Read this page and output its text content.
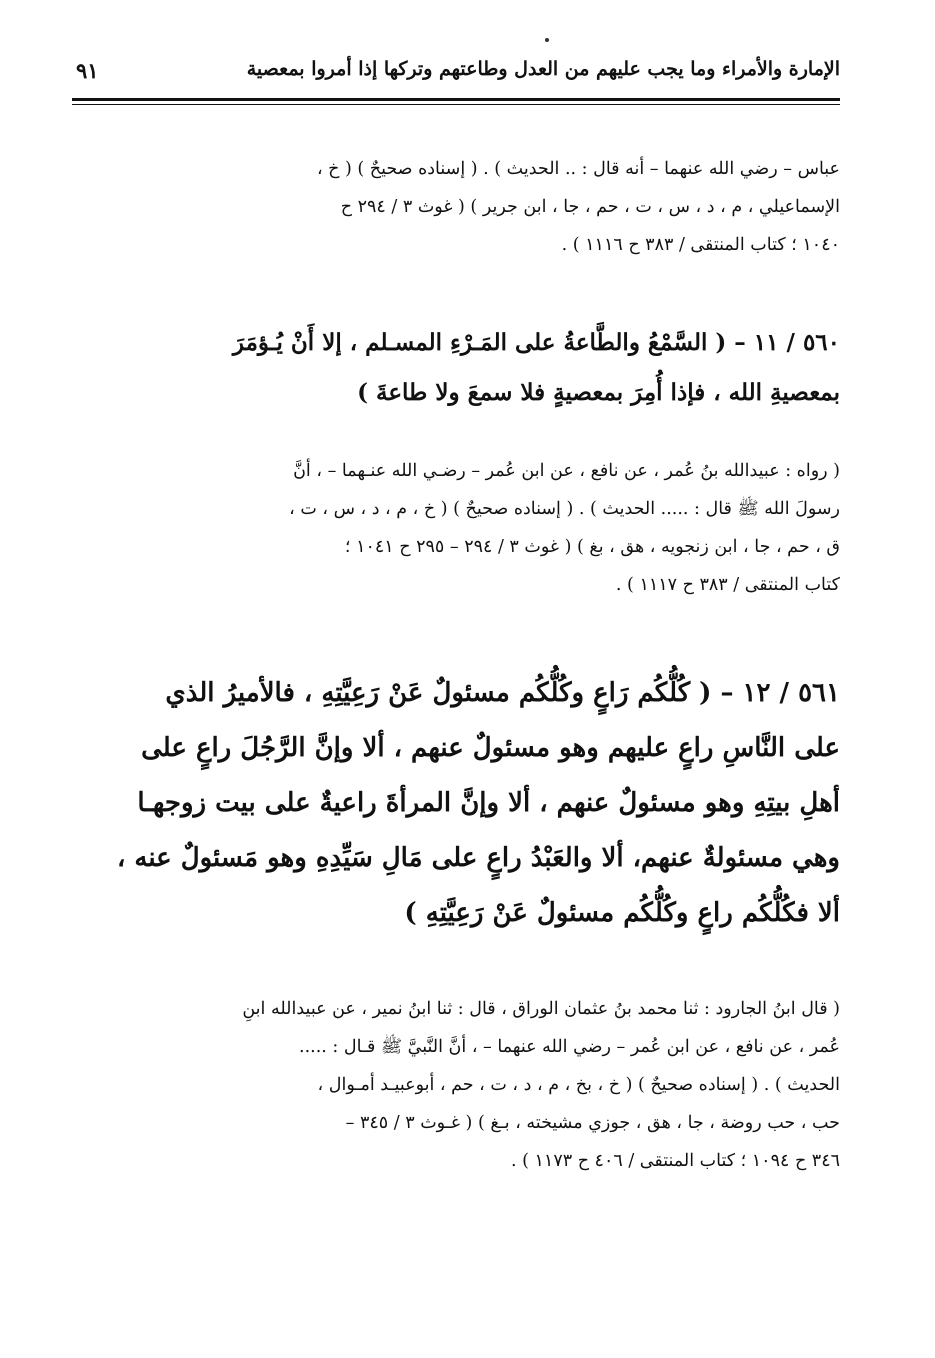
الإمارة والأمراء وما يجب عليهم من العدل وطاعتهم وتركها إذا أمروا بمعصية
٩١

عباس – رضي الله عنهما – أنه قال : .. الحديث ) . ( إسناده صحيحٌ ) ( خ ،

الإسماعيلي ، م ، د ، س ، ت ، حم ، جا ، ابن جرير ) ( غوث ٣ / ٢٩٤ ح

١٠٤٠ ؛ كتاب المنتقى / ٣٨٣ ح ١١١٦ ) .

٥٦٠ / ١١ – ( السَّمْعُ والطَّاعةُ على المَـرْءِ المسـلم ، إلا أَنْ يُـؤمَرَ

بمعصيةِ الله ، فإذا أُمِرَ بمعصيةٍ فلا سمعَ ولا طاعةَ )

( رواه : عبيدالله بنُ عُمر ، عن نافع ، عن ابن عُمر – رضـي الله عنـهما – ، أنَّ

رسولَ الله ﷺ قال : ..... الحديث ) . ( إسناده صحيحٌ ) ( خ ، م ، د ، س ، ت ،

ق ، حم ، جا ، ابن زنجويه ، هق ، بغ ) ( غوث ٣ / ٢٩٤ – ٢٩٥ ح ١٠٤١ ؛

كتاب المنتقى / ٣٨٣ ح ١١١٧ ) .

٥٦١ / ١٢ – ( كُلُّكُم رَاعٍ وكُلُّكُم مسئولٌ عَنْ رَعِيَّتِهِ ، فالأميرُ الذي

على النَّاسِ راعٍ عليهم وهو مسئولٌ عنهم ، ألا وإنَّ الرَّجُلَ راعٍ على

أهلِ بيتِهِ وهو مسئولٌ عنهم ، ألا وإنَّ المرأةَ راعيةٌ على بيت زوجهـا

وهي مسئولةٌ عنهم، ألا والعَبْدُ راعٍ على مَالِ سَيِّدِهِ وهو مَسئولٌ عنه ،

ألا فكُلُّكُم راعٍ وكُلُّكُم مسئولٌ عَنْ رَعِيَّتِهِ )

( قال ابنُ الجارود : ثنا محمد بنُ عثمان الوراق ، قال : ثنا ابنُ نمير ، عن عبيدالله ابنِ

عُمر ، عن نافع ، عن ابن عُمر – رضي الله عنهما – ، أنَّ النَّبيَّ ﷺ قـال : .....

الحديث ) . ( إسناده صحيحٌ ) ( خ ، بخ ، م ، د ، ت ، حم ، أبوعبيـد أمـوال ،

حب ، حب روضة ، جا ، هق ، جوزي مشيخته ، بـغ ) ( غـوث ٣ / ٣٤٥ –

٣٤٦ ح ١٠٩٤ ؛ كتاب المنتقى / ٤٠٦ ح ١١٧٣ ) .
